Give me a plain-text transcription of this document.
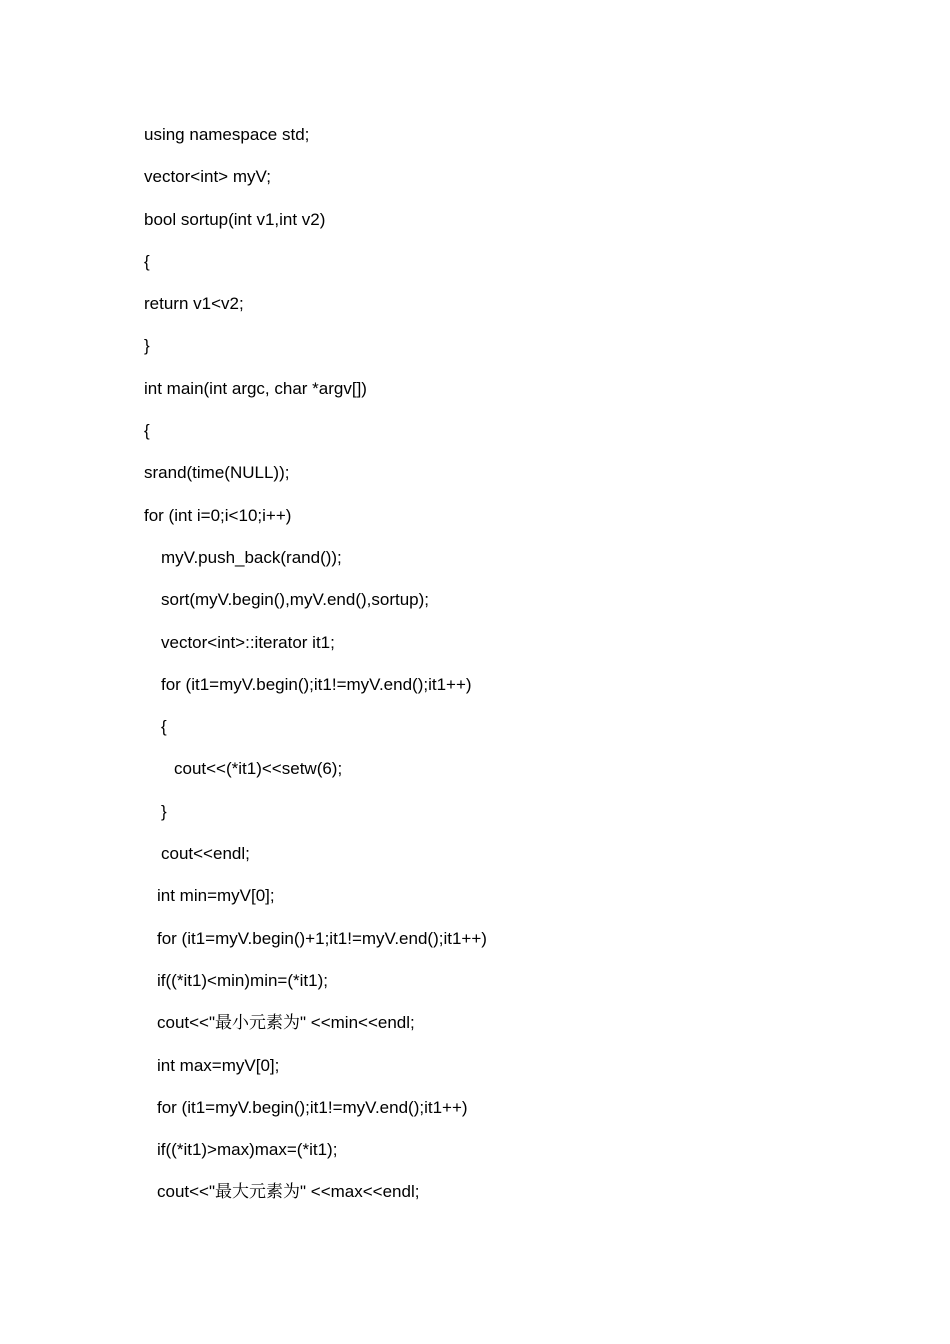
using namespace std;
vector<int> myV;
bool sortup(int v1,int v2)
{
return v1<v2;
}
int main(int argc, char *argv[])
{
srand(time(NULL));
for (int i=0;i<10;i++)
myV.push_back(rand());
sort(myV.begin(),myV.end(),sortup);
vector<int>::iterator it1;
for (it1=myV.begin();it1!=myV.end();it1++)
{
cout<<(*it1)<<setw(6);
}
cout<<endl;
int min=myV[0];
for (it1=myV.begin()+1;it1!=myV.end();it1++)
if((*it1)<min)min=(*it1);
cout<<"最小元素为" <<min<<endl;
int max=myV[0];
for (it1=myV.begin();it1!=myV.end();it1++)
if((*it1)>max)max=(*it1);
cout<<"最大元素为" <<max<<endl;
